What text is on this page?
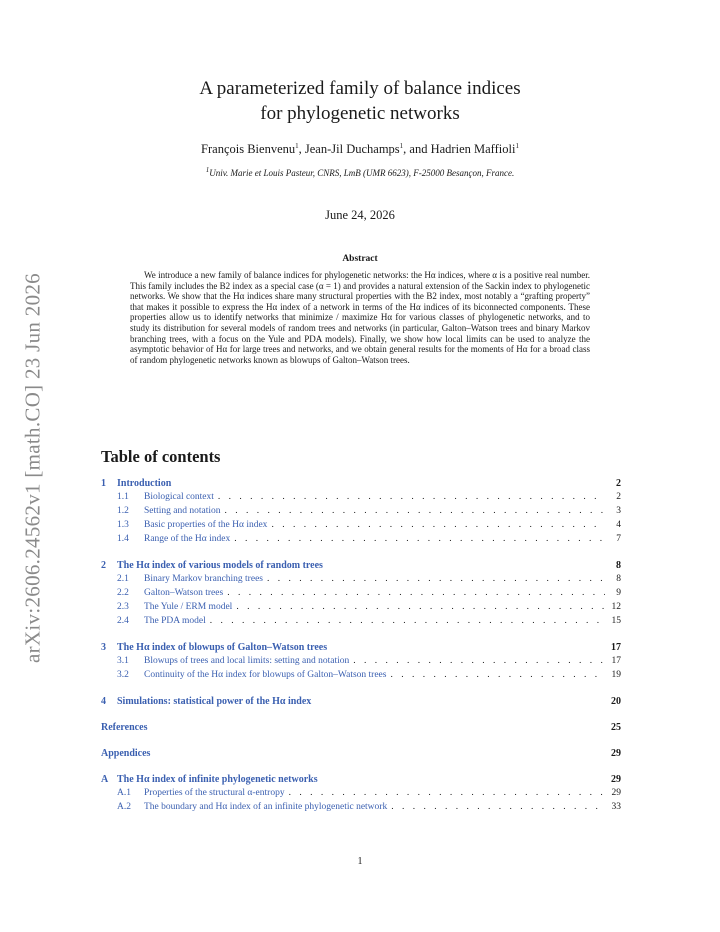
arXiv:2606.24562v1 [math.CO] 23 Jun 2026
A parameterized family of balance indices
for phylogenetic networks
François Bienvenu$^1$, Jean-Jil Duchamps$^1$, and Hadrien Maffioli$^1$
$^1$Univ. Marie et Louis Pasteur, CNRS, LmB (UMR 6623), F-25000 Besançon, France.
June 24, 2026
Abstract

We introduce a new family of balance indices for phylogenetic networks: the Hα indices, where α is a positive real number. This family includes the B2 index as a special case (α = 1) and provides a natural extension of the Sackin index to phylogenetic networks. We show that the Hα indices share many structural properties with the B2 index, most notably a “grafting property” that makes it possible to express the Hα index of a network in terms of the Hα indices of its biconnected components. These properties allow us to identify networks that minimize / maximize Hα for various classes of phylogenetic networks, and to study its distribution for several models of random trees and networks (in particular, Galton–Watson trees and binary Markov branching trees, with a focus on the Yule and PDA models). Finally, we show how local limits can be used to analyze the asymptotic behavior of Hα for large trees and networks, and we obtain general results for the moments of Hα for a broad class of random phylogenetic networks known as blowups of Galton–Watson trees.

Table of contents
1	Introduction	2
1.1	Biological context . . .	2
1.2	Setting and notation . . .	3
1.3	Basic properties of the Hα index . . .	4
1.4	Range of the Hα index . . .	7
2	The Hα index of various models of random trees	8
2.1	Binary Markov branching trees . . .	8
2.2	Galton–Watson trees . . .	9
2.3	The Yule / ERM model . . .	12
2.4	The PDA model . . .	15
3	The Hα index of blowups of Galton–Watson trees	17
3.1	Blowups of trees and local limits: setting and notation . . .	17
3.2	Continuity of the Hα index for blowups of Galton–Watson trees . . .	19
4	Simulations: statistical power of the Hα index	20
References	25
Appendices	29
A The Hα index of infinite phylogenetic networks	29
A.1	Properties of the structural α-entropy . . .	29
A.2	The boundary and Hα index of an infinite phylogenetic network . . .	33
1
